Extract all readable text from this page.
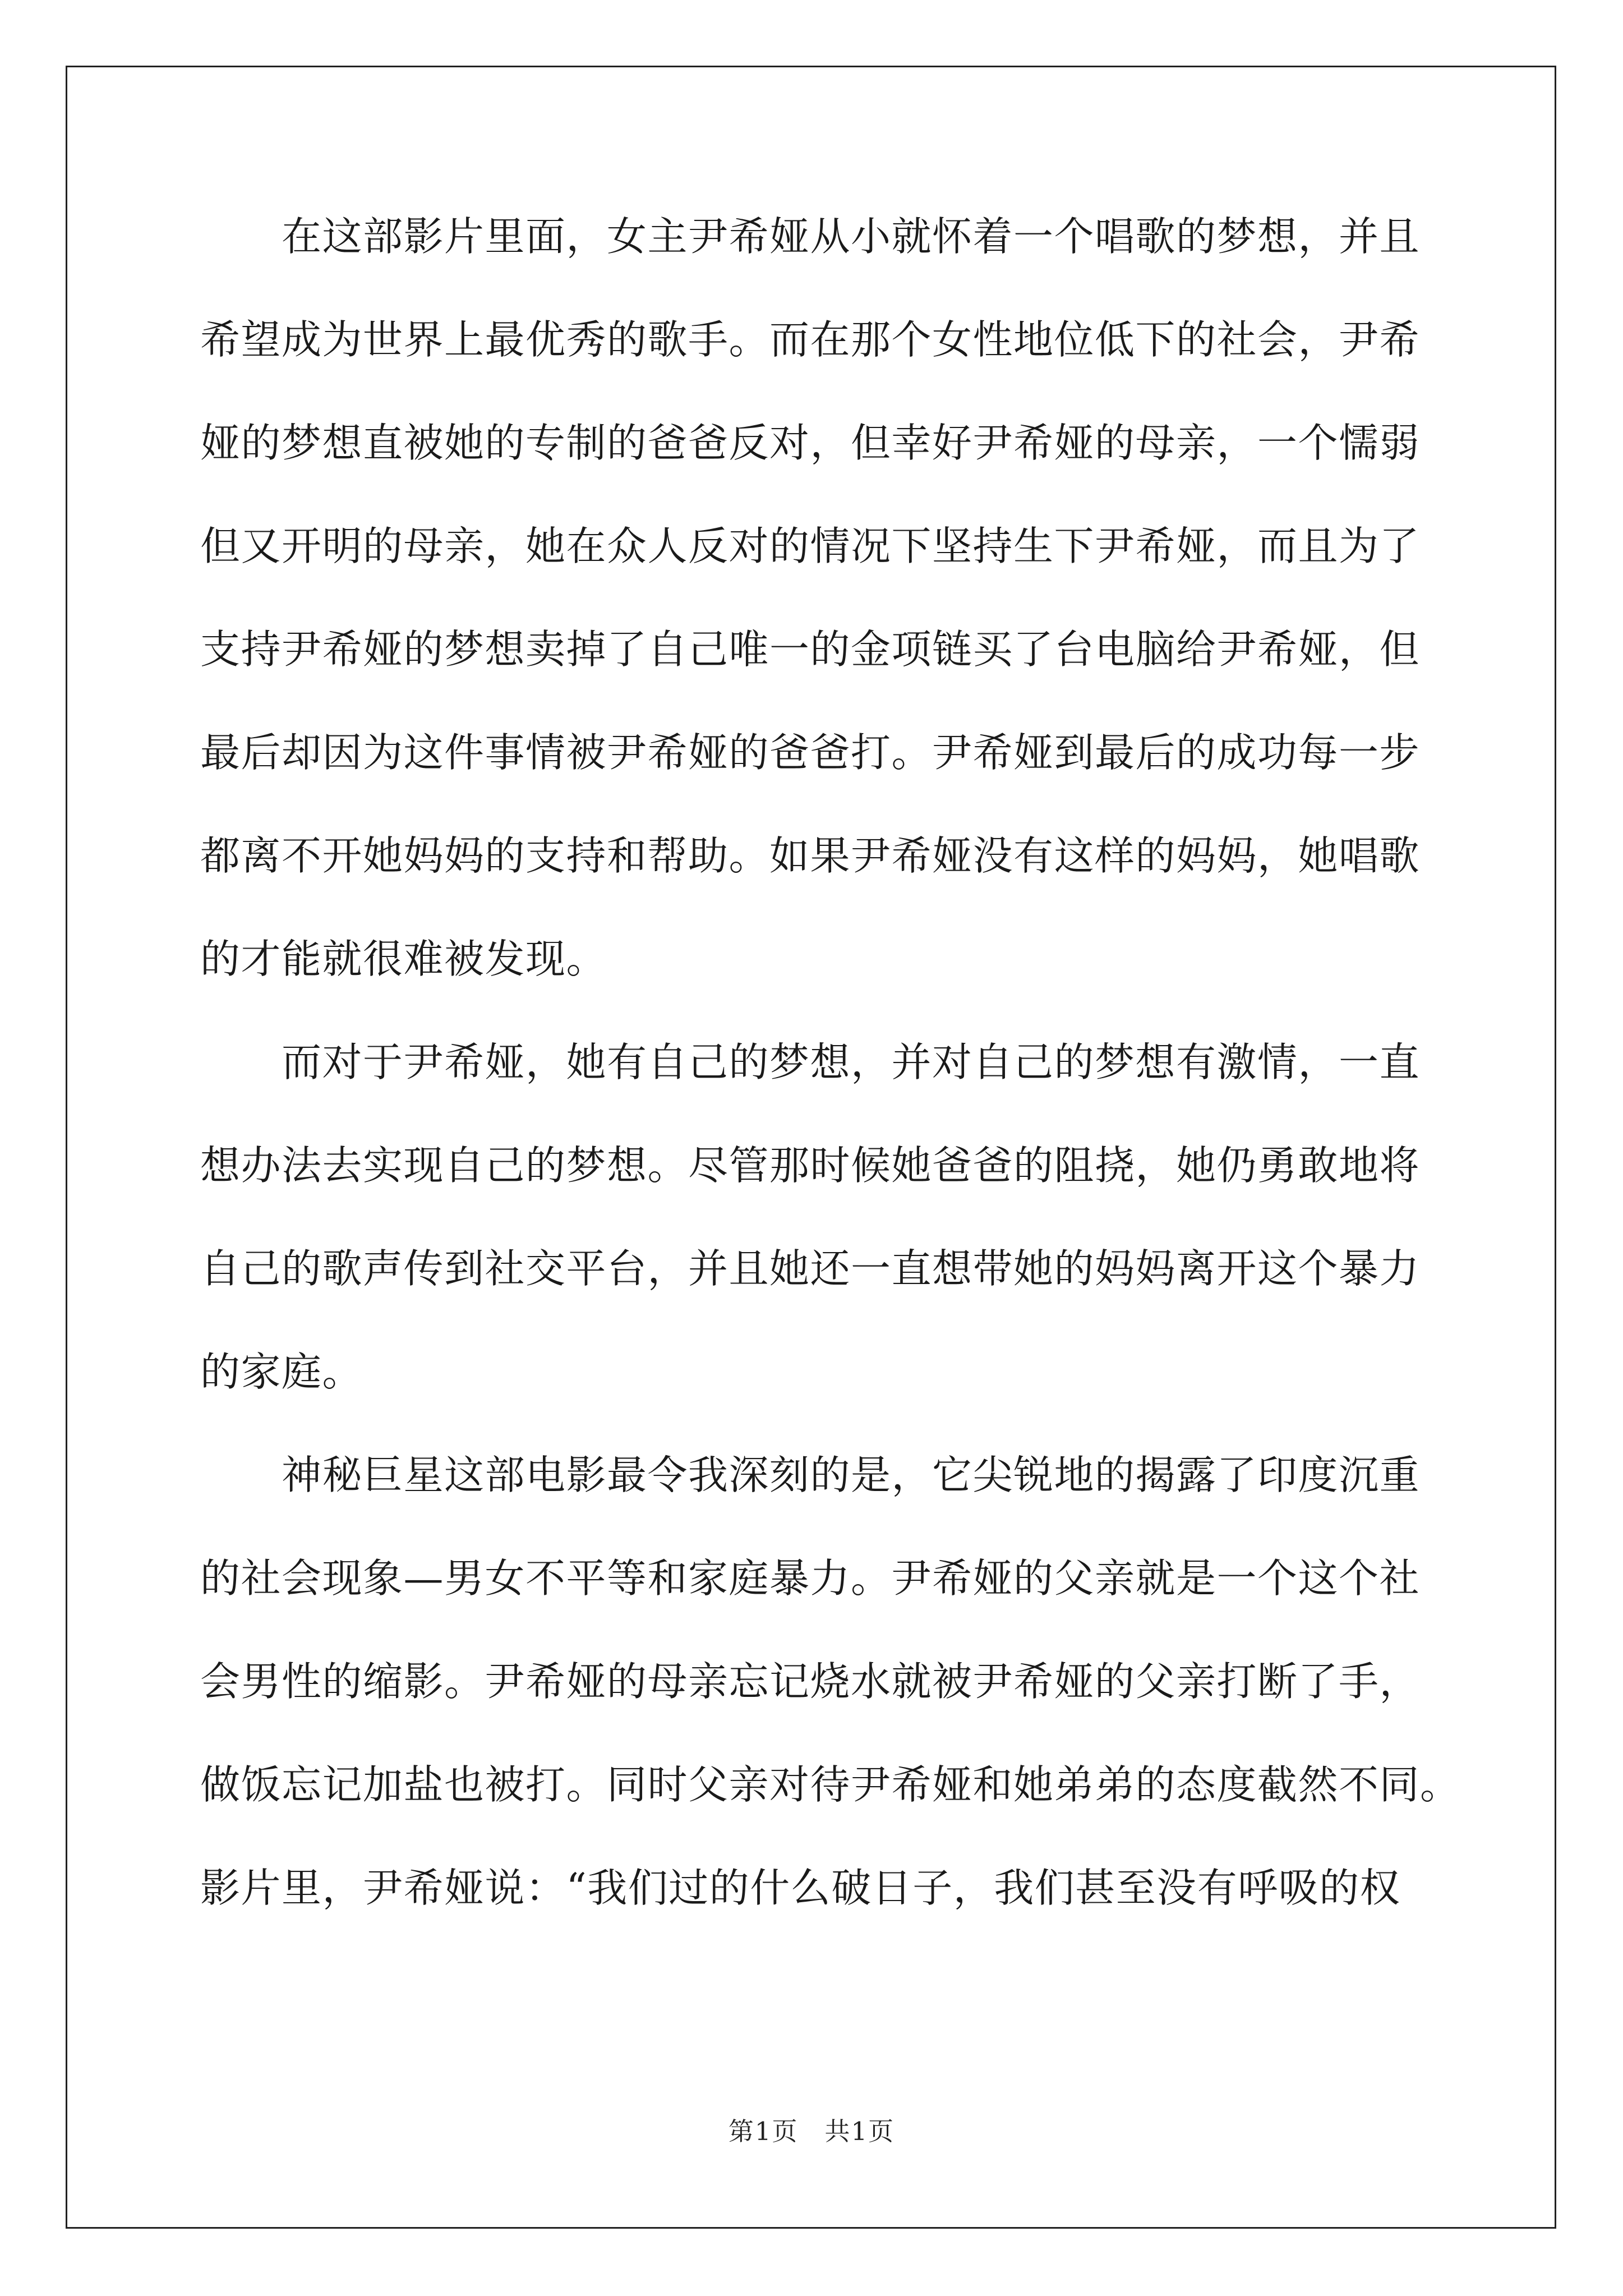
　　在这部影片里面，女主尹希娅从小就怀着一个唱歌的梦想，并且
希望成为世界上最优秀的歌手。而在那个女性地位低下的社会，尹希
娅的梦想直被她的专制的爸爸反对，但幸好尹希娅的母亲，一个懦弱
但又开明的母亲，她在众人反对的情况下坚持生下尹希娅，而且为了
支持尹希娅的梦想卖掉了自己唯一的金项链买了台电脑给尹希娅，但
最后却因为这件事情被尹希娅的爸爸打。尹希娅到最后的成功每一步
都离不开她妈妈的支持和帮助。如果尹希娅没有这样的妈妈，她唱歌
的才能就很难被发现。
　　而对于尹希娅，她有自己的梦想，并对自己的梦想有激情，一直
想办法去实现自己的梦想。尽管那时候她爸爸的阻挠，她仍勇敢地将
自己的歌声传到社交平台，并且她还一直想带她的妈妈离开这个暴力
的家庭。
　　神秘巨星这部电影最令我深刻的是，它尖锐地的揭露了印度沉重
的社会现象—男女不平等和家庭暴力。尹希娅的父亲就是一个这个社
会男性的缩影。尹希娅的母亲忘记烧水就被尹希娅的父亲打断了手，
做饭忘记加盐也被打。同时父亲对待尹希娅和她弟弟的态度截然不同。
影片里，尹希娅说：“我们过的什么破日子，我们甚至没有呼吸的权
第1页　共1页
